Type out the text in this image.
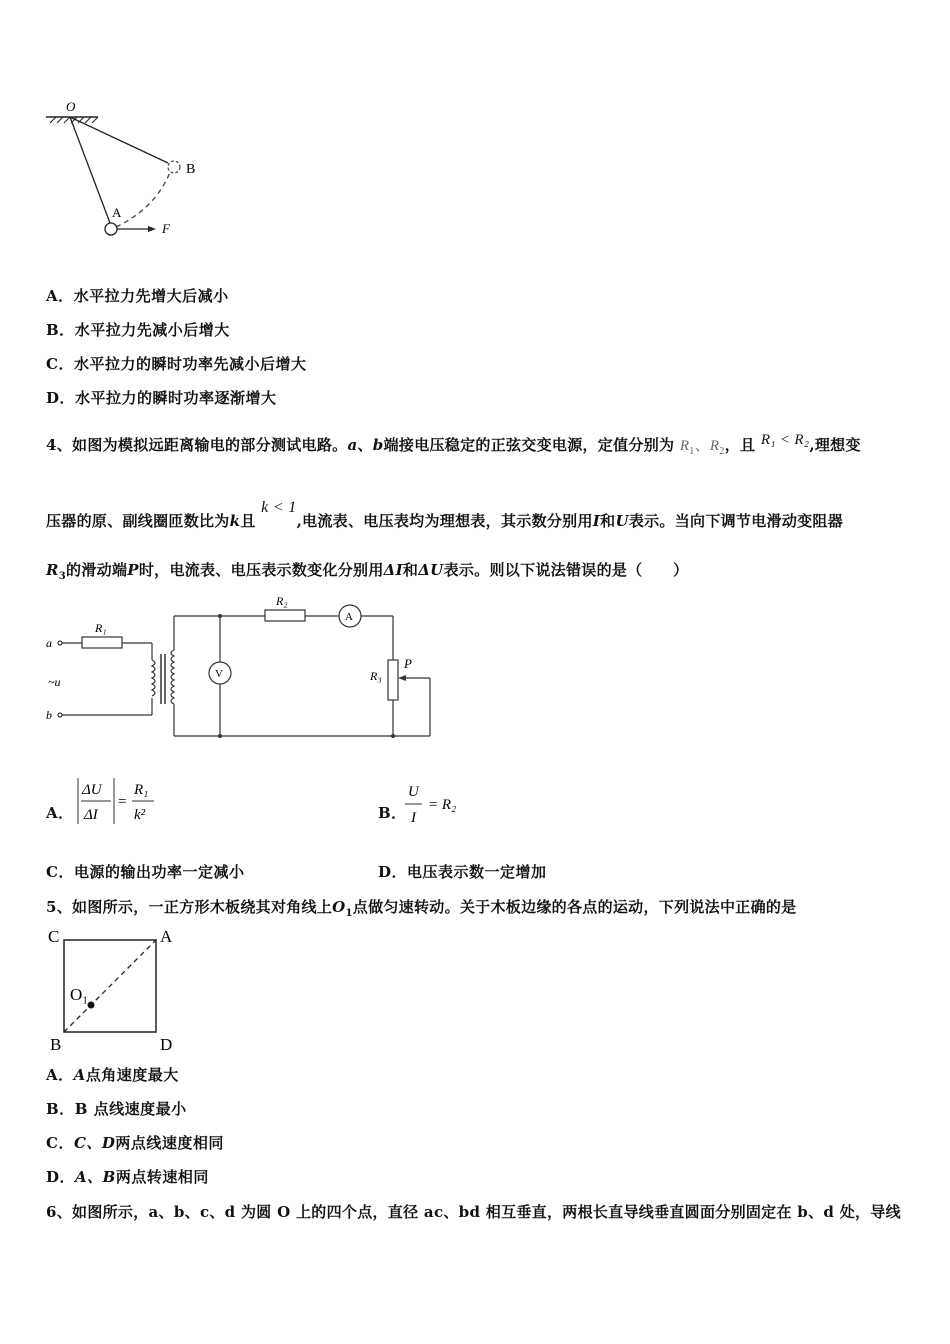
O
B
A
F
A．水平拉力先增大后减小
B．水平拉力先减小后增大
C．水平拉力的瞬时功率先减小后增大
D．水平拉力的瞬时功率逐渐增大
4、如图为模拟远距离输电的部分测试电路。a、b端接电压稳定的正弦交变电源，定值分别为 $R_1$、$R_2$，且 R₁ < R₂,理想变
压器的原、副线圈匝数比为k且 k < 1,电流表、电压表均为理想表，其示数分别用I和U表示。当向下调节电滑动变阻器
$R_3$的滑动端P时，电流表、电压表示数变化分别用ΔI和ΔU表示。则以下说法错误的是（　　）
a
~u
b
R₁
R₂
R₃
P
A
V
A．
ΔU
ΔI
=
R₁
k²	B．
U
I
= R₂
C．电源的输出功率一定减小	D．电压表示数一定增加
5、如图所示，一正方形木板绕其对角线上$O_1$点做匀速转动。关于木板边缘的各点的运动，下列说法中正确的是
C	A
B	D
O₁
A．A点角速度最大
B．B 点线速度最小
C．C、D两点线速度相同
D．A、B两点转速相同
6、如图所示，a、b、c、d 为圆 O 上的四个点，直径 ac、bd 相互垂直，两根长直导线垂直圆面分别固定在 b、d 处，导线
